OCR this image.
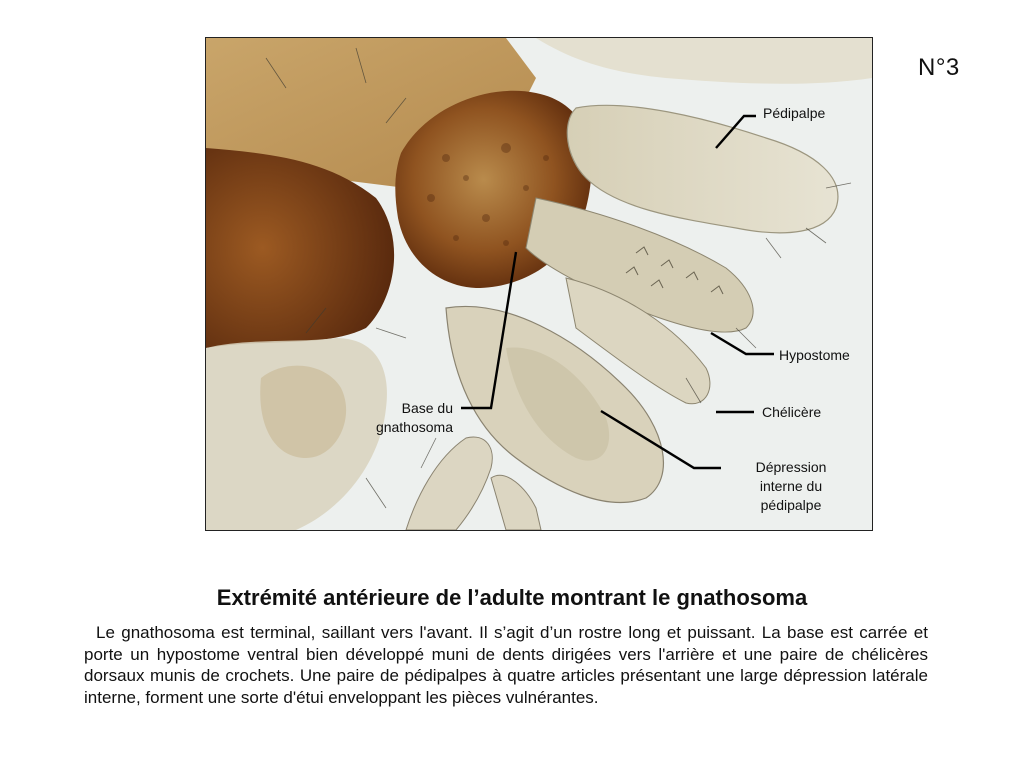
N°3
Pédipalpe
Hypostome
Chélicère
Base du
gnathosoma
Dépression
interne du
pédipalpe
Extrémité antérieure de l’adulte montrant le gnathosoma
Le gnathosoma est terminal, saillant vers l'avant. Il s’agit d’un rostre long et puissant. La base est carrée et porte un hypostome ventral bien développé muni de dents dirigées vers l'arrière et une paire de chélicères dorsaux munis de crochets. Une paire de pédipalpes à quatre articles présentant une large dépression latérale interne, forment une sorte d'étui enveloppant les pièces vulnérantes.
